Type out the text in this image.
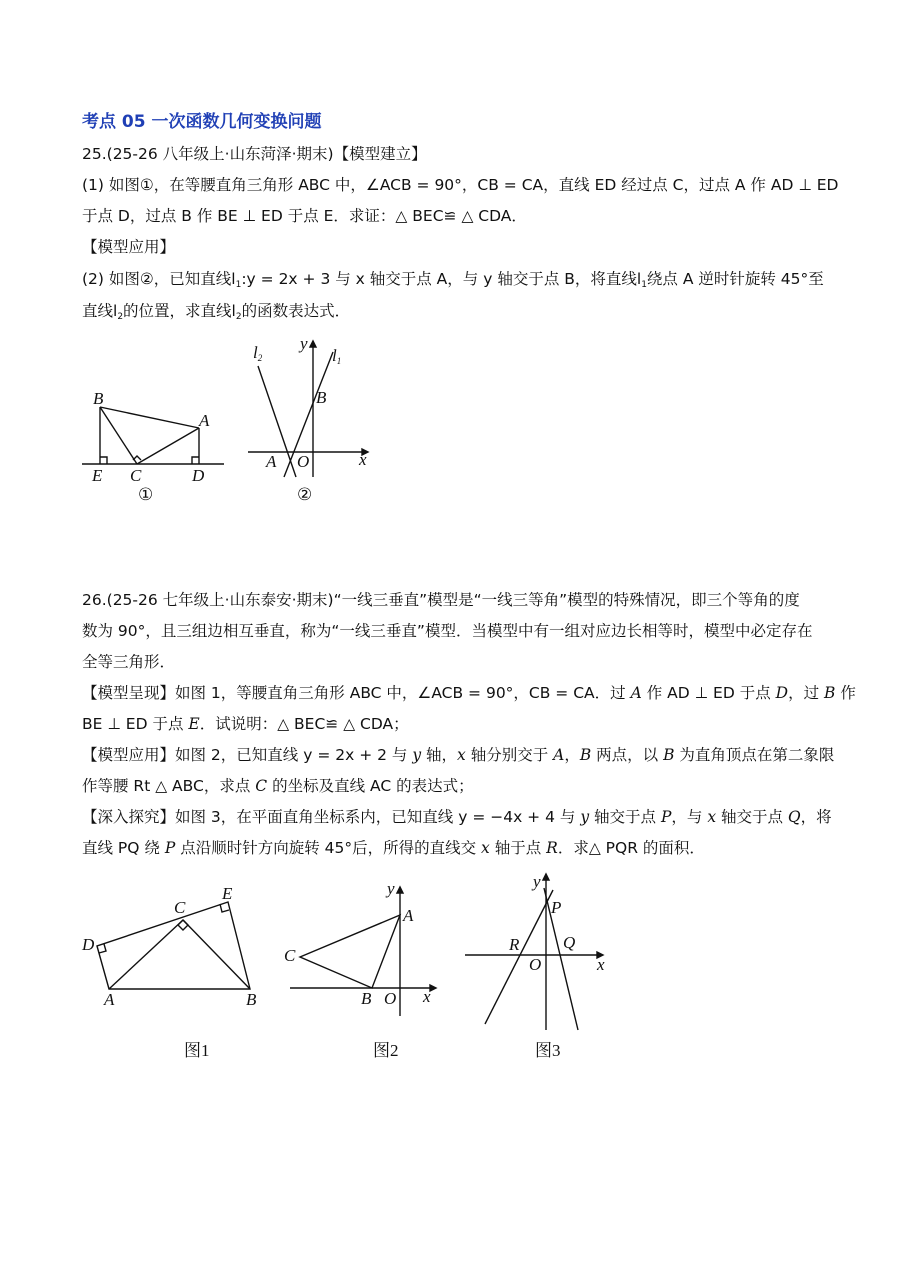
考点 05 一次函数几何变换问题
25.(25-26 八年级上·山东菏泽·期末)【模型建立】
(1) 如图①，在等腰直角三角形 ABC 中，∠ACB = 90°，CB = CA，直线 ED 经过点 C，过点 A 作 AD ⊥ ED
于点 D，过点 B 作 BE ⊥ ED 于点 E．求证：△ BEC≌ △ CDA．
【模型应用】
(2) 如图②，已知直线$l_1:y = 2x + 3$ 与 x 轴交于点 A，与 y 轴交于点 B，将直线$l_1$绕点 A 逆时针旋转 45°至
直线$l_2$的位置，求直线$l_2$的函数表达式．
B
A
E C	D
①
l2
y
l1
B
A O	x
②
26.(25-26 七年级上·山东泰安·期末)“一线三垂直”模型是“一线三等角”模型的特殊情况，即三个等角的度
数为 90°，且三组边相互垂直，称为“一线三垂直”模型．当模型中有一组对应边长相等时，模型中必定存在
全等三角形．
【模型呈现】如图 1，等腰直角三角形 ABC 中，∠ACB = 90°，CB = CA．过 A 作 AD ⊥ ED 于点 D，过 B 作
BE ⊥ ED 于点 E．试说明：△ BEC≌ △ CDA；
【模型应用】如图 2，已知直线 y = 2x + 2 与 y 轴，x 轴分别交于 A，B 两点，以 B 为直角顶点在第二象限
作等腰 Rt △ ABC，求点 C 的坐标及直线 AC 的表达式；
【深入探究】如图 3，在平面直角坐标系内，已知直线 y = −4x + 4 与 y 轴交于点 P，与 x 轴交于点 Q，将
直线 PQ 绕 P 点沿顺时针方向旋转 45°后，所得的直线交 x 轴于点 R．求△ PQR 的面积．
E
C
D
A	B
图1
y
A
C
B O x
图2
y
P
R	Q
O	x
图3
